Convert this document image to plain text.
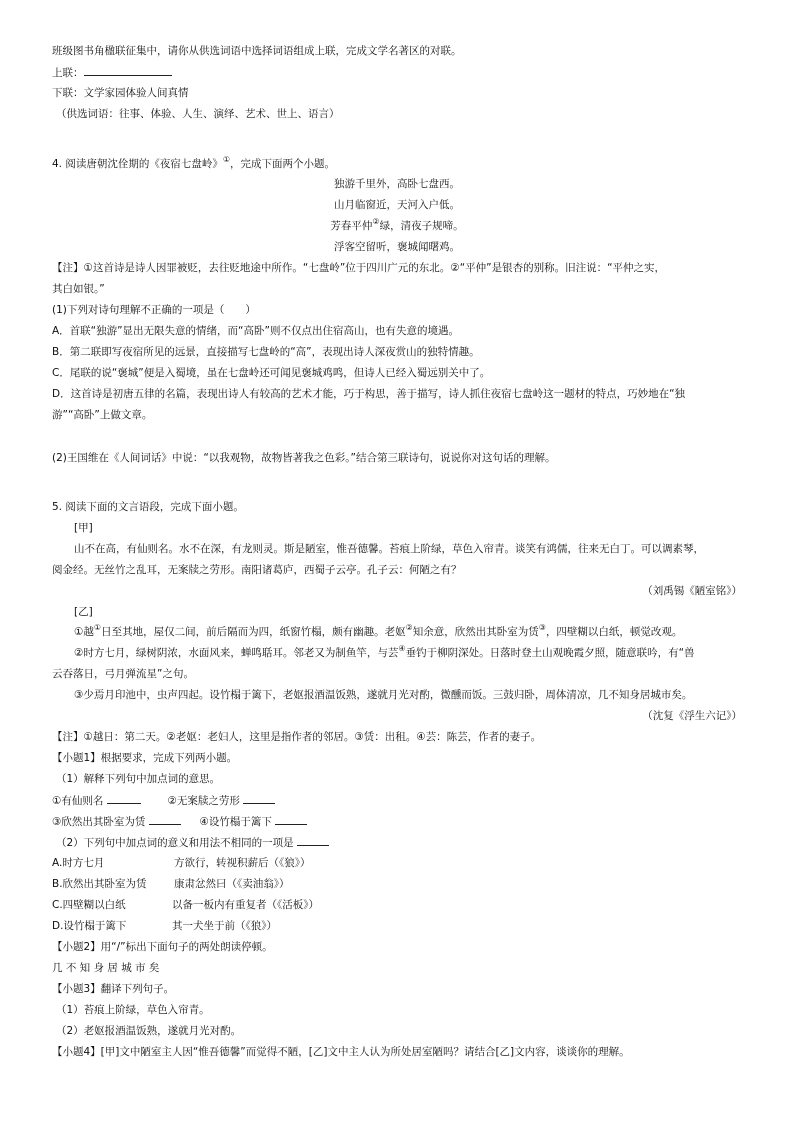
班级图书角楹联征集中，请你从供选词语中选择词语组成上联，完成文学名著区的对联。
上联：
下联：文学家园体验人间真情
（供选词语：往事、体验、人生、演绎、艺术、世上、语言）
4. 阅读唐朝沈佺期的《夜宿七盘岭》①，完成下面两个小题。
独游千里外，高卧七盘西。
山月临窗近，天河入户低。
芳春平仲②绿，清夜子规啼。
浮客空留听，褒城闻曙鸡。
【注】①这首诗是诗人因罪被贬，去往贬地途中所作。“七盘岭”位于四川广元的东北。②“平仲”是银杏的别称。旧注说：“平仲之实，
其白如银。”
(1)下列对诗句理解不正确的一项是（　　）
A．首联“独游”显出无限失意的情绪，而“高卧”则不仅点出住宿高山，也有失意的境遇。
B．第二联即写夜宿所见的远景，直接描写七盘岭的“高”，表现出诗人深夜赏山的独特情趣。
C．尾联的说“褒城”便是入蜀境，虽在七盘岭还可闻见褒城鸡鸣，但诗人已经入蜀远别关中了。
D．这首诗是初唐五律的名篇，表现出诗人有较高的艺术才能，巧于构思，善于描写，诗人抓住夜宿七盘岭这一题材的特点，巧妙地在“独
游”“高卧”上做文章。
(2)王国维在《人间词话》中说：“以我观物，故物皆著我之色彩。”结合第三联诗句，说说你对这句话的理解。
5. 阅读下面的文言语段，完成下面小题。
[甲]
山不在高，有仙则名。水不在深，有龙则灵。斯是陋室，惟吾德馨。苔痕上阶绿，草色入帘青。谈笑有鸿儒，往来无白丁。可以调素琴，
阅金经。无丝竹之乱耳，无案牍之劳形。南阳诸葛庐，西蜀子云亭。孔子云：何陋之有？
（刘禹锡《陋室铭》）
[乙]
①越①日至其地，屋仅二间，前后隔而为四，纸窗竹榻，颇有幽趣。老妪②知余意，欣然出其卧室为赁③，四壁糊以白纸，顿觉改观。
②时方七月，绿树阴浓，水面风来，蝉鸣聒耳。邻老又为制鱼竿，与芸④垂钓于柳阴深处。日落时登土山观晚霞夕照，随意联吟，有“兽
云吞落日，弓月弹流星”之句。
③少焉月印池中，虫声四起。设竹榻于篱下，老妪报酒温饭熟，遂就月光对酌，微醺而饭。三鼓归卧，周体清凉，几不知身居城市矣。
（沈复《浮生六记》）
【注】①越日：第二天。②老妪：老妇人，这里是指作者的邻居。③赁：出租。④芸：陈芸，作者的妻子。
【小题1】根据要求，完成下列两小题。
（1）解释下列句中加点词的意思。
①有仙则名	②无案牍之劳形
③欣然出其卧室为赁	④设竹榻于篱下
（2）下列句中加点词的意义和用法不相同的一项是
A.时方七月	方欲行，转视积薪后（《狼》）
B.欣然出其卧室为赁	康肃忿然曰（《卖油翁》）
C.四壁糊以白纸	以备一板内有重复者（《活板》）
D.设竹榻于篱下	其一犬坐于前（《狼》）
【小题2】用“/”标出下面句子的两处朗读停顿。
几 不 知 身 居 城 市 矣
【小题3】翻译下列句子。
（1）苔痕上阶绿，草色入帘青。
（2）老妪报酒温饭熟，遂就月光对酌。
【小题4】[甲]文中陋室主人因“惟吾德馨”而觉得不陋，[乙]文中主人认为所处居室陋吗？请结合[乙]文内容，谈谈你的理解。
